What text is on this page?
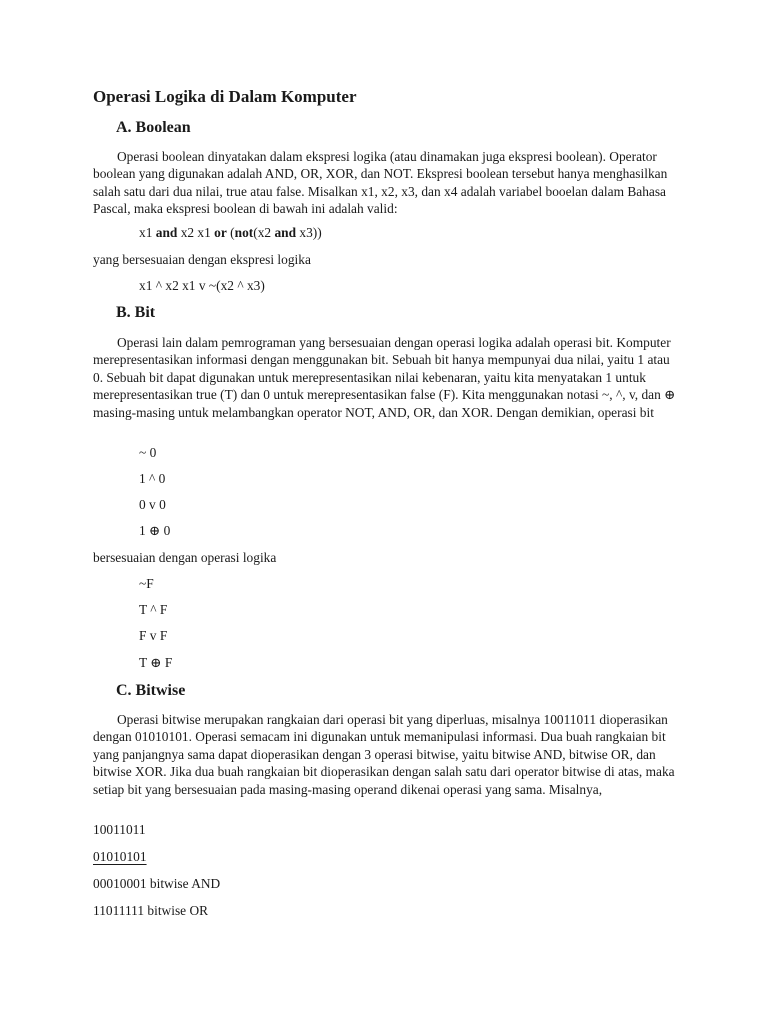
Operasi Logika di Dalam Komputer
A. Boolean

Operasi boolean dinyatakan dalam ekspresi logika (atau dinamakan juga ekspresi boolean). Operator boolean yang digunakan adalah AND, OR, XOR, dan NOT. Ekspresi boolean tersebut hanya menghasilkan salah satu dari dua nilai, true atau false. Misalkan x1, x2, x3, dan x4 adalah variabel booelan dalam Bahasa Pascal, maka ekspresi boolean di bawah ini adalah valid:

x1 and x2 x1 or (not(x2 and x3))
yang bersesuaian dengan ekspresi logika
x1 ^ x2 x1 v ~(x2 ^ x3)
B. Bit

Operasi lain dalam pemrograman yang bersesuaian dengan operasi logika adalah operasi bit. Komputer merepresentasikan informasi dengan menggunakan bit. Sebuah bit hanya mempunyai dua nilai, yaitu 1 atau 0. Sebuah bit dapat digunakan untuk merepresentasikan nilai kebenaran, yaitu kita menyatakan 1 untuk merepresentasikan true (T) dan 0 untuk merepresentasikan false (F). Kita menggunakan notasi ~, ^, v, dan ⊕ masing-masing untuk melambangkan operator NOT, AND, OR, dan XOR. Dengan demikian, operasi bit

~ 0
1 ^ 0
0 v 0
1 ⊕ 0
bersesuaian dengan operasi logika
~F
T ^ F
F v F
T ⊕ F
C. Bitwise

Operasi bitwise merupakan rangkaian dari operasi bit yang diperluas, misalnya 10011011 dioperasikan dengan 01010101. Operasi semacam ini digunakan untuk memanipulasi informasi. Dua buah rangkaian bit yang panjangnya sama dapat dioperasikan dengan 3 operasi bitwise, yaitu bitwise AND, bitwise OR, dan bitwise XOR. Jika dua buah rangkaian bit dioperasikan dengan salah satu dari operator bitwise di atas, maka setiap bit yang bersesuaian pada masing-masing operand dikenai operasi yang sama. Misalnya,

10011011
01010101
00010001 bitwise AND
11011111 bitwise OR
